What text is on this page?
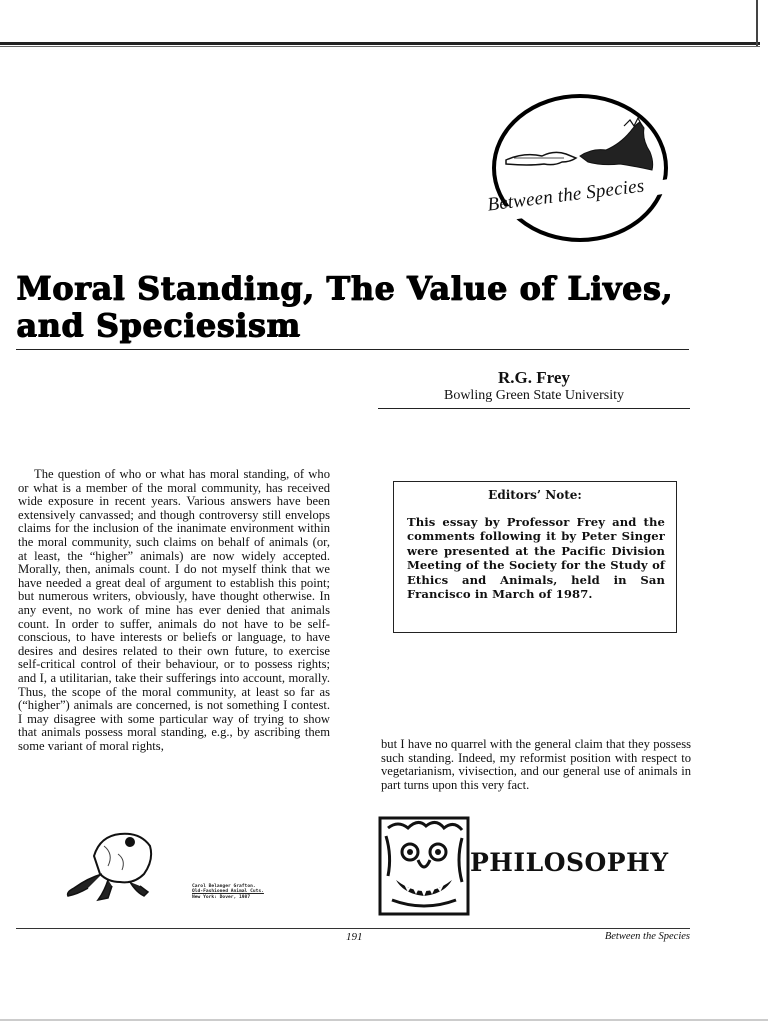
Between the Species
Moral Standing, The Value of Lives, and Speciesism
R.G. Frey
Bowling Green State University

The question of who or what has moral standing, of who or what is a member of the moral community, has received wide exposure in recent years. Various answers have been extensively canvassed; and though controversy still envelops claims for the inclusion of the inanimate environment within the moral community, such claims on behalf of animals (or, at least, the “higher” animals) are now widely accepted. Morally, then, animals count. I do not myself think that we have needed a great deal of argument to establish this point; but numerous writers, obviously, have thought otherwise. In any event, no work of mine has ever denied that animals count. In order to suffer, animals do not have to be self-conscious, to have interests or beliefs or language, to have desires and desires related to their own future, to exercise self-critical control of their behaviour, or to possess rights; and I, a utilitarian, take their sufferings into account, morally. Thus, the scope of the moral community, at least so far as (“higher”) animals are concerned, is not something I contest. I may disagree with some particular way of trying to show that animals possess moral standing, e.g., by ascribing them some variant of moral rights,

Editors’ Note:

This essay by Professor Frey and the comments following it by Peter Singer were presented at the Pacific Division Meeting of the Society for the Study of Ethics and Animals, held in San Francisco in March of 1987.

but I have no quarrel with the general claim that they possess such standing. Indeed, my reformist position with respect to vegetarianism, vivisection, and our general use of animals in part turns upon this very fact.

PHILOSOPHY
Carol Belanger Grafton.
Old-Fashioned Animal Cuts.
New York: Dover, 1987
191	Between the Species
